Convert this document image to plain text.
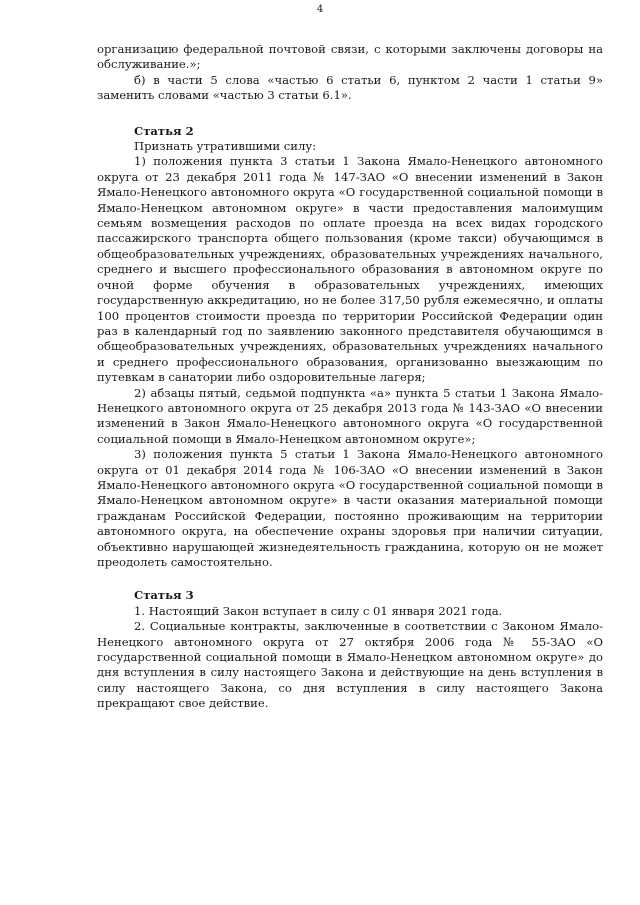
4

организацию федеральной почтовой связи, с которыми заключены договоры на обслуживание.»;

б) в части 5 слова «частью 6 статьи 6, пунктом 2 части 1 статьи 9» заменить словами «частью 3 статьи 6.1».

Статья 2

Признать утратившими силу:

1) положения пункта 3 статьи 1 Закона Ямало-Ненецкого автономного округа от 23 декабря 2011 года № 147-ЗАО «О внесении изменений в Закон Ямало-Ненецкого автономного округа «О государственной социальной помощи в Ямало-Ненецком автономном округе» в части предоставления малоимущим семьям возмещения расходов по оплате проезда на всех видах городского пассажирского транспорта общего пользования (кроме такси) обучающимся в общеобразовательных учреждениях, образовательных учреждениях начального, среднего и высшего профессионального образования в автономном округе по очной форме обучения в образовательных учреждениях, имеющих государственную аккредитацию, но не более 317,50 рубля ежемесячно, и оплаты 100 процентов стоимости проезда по территории Российской Федерации один раз в календарный год по заявлению законного представителя обучающимся в общеобразовательных учреждениях, образовательных учреждениях начального и среднего профессионального образования, организованно выезжающим по путевкам в санатории либо оздоровительные лагеря;

2) абзацы пятый, седьмой подпункта «а» пункта 5 статьи 1 Закона Ямало-Ненецкого автономного округа от 25 декабря 2013 года № 143-ЗАО «О внесении изменений в Закон Ямало-Ненецкого автономного округа «О государственной социальной помощи в Ямало-Ненецком автономном округе»;

3) положения пункта 5 статьи 1 Закона Ямало-Ненецкого автономного округа от 01 декабря 2014 года № 106-ЗАО «О внесении изменений в Закон Ямало-Ненецкого автономного округа «О государственной социальной помощи в Ямало-Ненецком автономном округе» в части оказания материальной помощи гражданам Российской Федерации, постоянно проживающим на территории автономного округа, на обеспечение охраны здоровья при наличии ситуации, объективно нарушающей жизнедеятельность гражданина, которую он не может преодолеть самостоятельно.

Статья 3

1. Настоящий Закон вступает в силу с 01 января 2021 года.

2. Социальные контракты, заключенные в соответствии с Законом Ямало-Ненецкого автономного округа от 27 октября 2006 года № 55-ЗАО «О государственной социальной помощи в Ямало-Ненецком автономном округе» до дня вступления в силу настоящего Закона и действующие на день вступления в силу настоящего Закона, со дня вступления в силу настоящего Закона прекращают свое действие.
